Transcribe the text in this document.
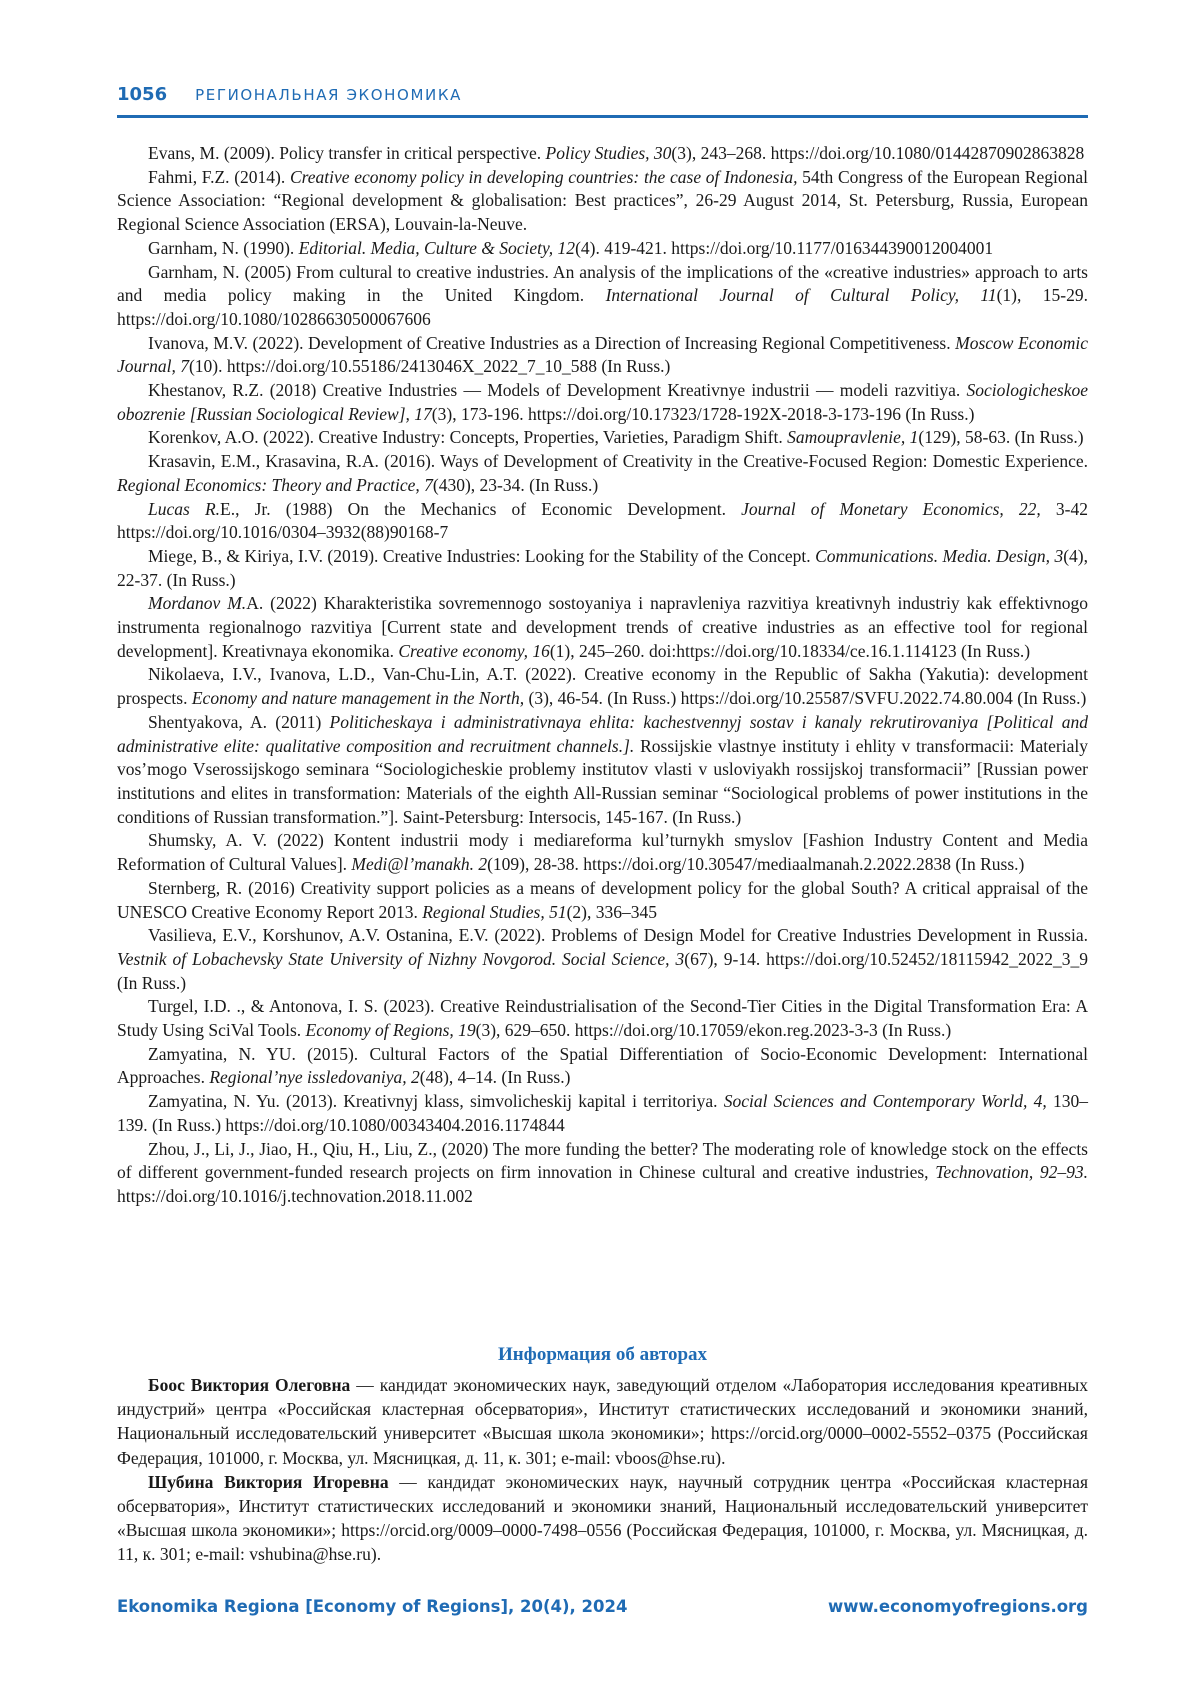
1056 РЕГИОНАЛЬНАЯ ЭКОНОМИКА

Evans, M. (2009). Policy transfer in critical perspective. Policy Studies, 30(3), 243–268. https://doi.org/10.1080/01442870902863828

Fahmi, F.Z. (2014). Creative economy policy in developing countries: the case of Indonesia, 54th Congress of the European Regional Science Association: “Regional development & globalisation: Best practices”, 26-29 August 2014, St. Petersburg, Russia, European Regional Science Association (ERSA), Louvain-la-Neuve.

Garnham, N. (1990). Editorial. Media, Culture & Society, 12(4). 419-421. https://doi.org/10.1177/016344390012004001

Garnham, N. (2005) From cultural to creative industries. An analysis of the implications of the «creative industries» approach to arts and media policy making in the United Kingdom. International Journal of Cultural Policy, 11(1), 15-29. https://doi.org/10.1080/10286630500067606

Ivanova, M.V. (2022). Development of Creative Industries as a Direction of Increasing Regional Competitiveness. Moscow Economic Journal, 7(10). https://doi.org/10.55186/2413046X_2022_7_10_588 (In Russ.)

Khestanov, R.Z. (2018) Creative Industries — Models of Development Kreativnye industrii — modeli razvitiya. Sociologicheskoe obozrenie [Russian Sociological Review], 17(3), 173-196. https://doi.org/10.17323/1728-192X-2018-3-173-196 (In Russ.)

Korenkov, A.O. (2022). Creative Industry: Concepts, Properties, Varieties, Paradigm Shift. Samoupravlenie, 1(129), 58-63. (In Russ.)

Krasavin, E.M., Krasavina, R.A. (2016). Ways of Development of Creativity in the Creative-Focused Region: Domestic Experience. Regional Economics: Theory and Practice, 7(430), 23-34. (In Russ.)

Lucas R.E., Jr. (1988) On the Mechanics of Economic Development. Journal of Monetary Economics, 22, 3-42 https://doi.org/10.1016/0304–3932(88)90168-7

Miege, B., & Kiriya, I.V. (2019). Creative Industries: Looking for the Stability of the Concept. Communications. Media. Design, 3(4), 22-37. (In Russ.)

Mordanov M.A. (2022) Kharakteristika sovremennogo sostoyaniya i napravleniya razvitiya kreativnyh industriy kak effektivnogo instrumenta regionalnogo razvitiya [Current state and development trends of creative industries as an effective tool for regional development]. Kreativnaya ekonomika. Creative economy, 16(1), 245–260. doi:https://doi.org/10.18334/ce.16.1.114123 (In Russ.)

Nikolaeva, I.V., Ivanova, L.D., Van-Chu-Lin, A.T. (2022). Creative economy in the Republic of Sakha (Yakutia): development prospects. Economy and nature management in the North, (3), 46-54. (In Russ.) https://doi.org/10.25587/SVFU.2022.74.80.004 (In Russ.)

Shentyakova, A. (2011) Politicheskaya i administrativnaya ehlita: kachestvennyj sostav i kanaly rekrutirovaniya [Political and administrative elite: qualitative composition and recruitment channels.]. Rossijskie vlastnye instituty i ehlity v transformacii: Materialy vos’mogo Vserossijskogo seminara “Sociologicheskie problemy institutov vlasti v usloviyakh rossijskoj transformacii” [Russian power institutions and elites in transformation: Materials of the eighth All-Russian seminar “Sociological problems of power institutions in the conditions of Russian transformation.”]. Saint-Petersburg: Intersocis, 145-167. (In Russ.)

Shumsky, A. V. (2022) Kontent industrii mody i mediareforma kul’turnykh smyslov [Fashion Industry Content and Media Reformation of Cultural Values]. Medi@l’manakh. 2(109), 28-38. https://doi.org/10.30547/mediaalmanah.2.2022.2838 (In Russ.)

Sternberg, R. (2016) Creativity support policies as a means of development policy for the global South? A critical appraisal of the UNESCO Creative Economy Report 2013. Regional Studies, 51(2), 336–345

Vasilieva, E.V., Korshunov, A.V. Ostanina, E.V. (2022). Problems of Design Model for Creative Industries Development in Russia. Vestnik of Lobachevsky State University of Nizhny Novgorod. Social Science, 3(67), 9-14. https://doi.org/10.52452/18115942_2022_3_9 (In Russ.)

Turgel, I.D. ., & Antonova, I. S. (2023). Creative Reindustrialisation of the Second-Tier Cities in the Digital Transformation Era: A Study Using SciVal Tools. Economy of Regions, 19(3), 629–650. https://doi.org/10.17059/ekon.reg.2023-3-3 (In Russ.)

Zamyatina, N. YU. (2015). Cultural Factors of the Spatial Differentiation of Socio-Economic Development: International Approaches. Regional’nye issledovaniya, 2(48), 4–14. (In Russ.)

Zamyatina, N. Yu. (2013). Kreativnyj klass, simvolicheskij kapital i territoriya. Social Sciences and Contemporary World, 4, 130–139. (In Russ.) https://doi.org/10.1080/00343404.2016.1174844

Zhou, J., Li, J., Jiao, H., Qiu, H., Liu, Z., (2020) The more funding the better? The moderating role of knowledge stock on the effects of different government-funded research projects on firm innovation in Chinese cultural and creative industries, Technovation, 92–93. https://doi.org/10.1016/j.technovation.2018.11.002

Информация об авторах

Боос Виктория Олеговна — кандидат экономических наук, заведующий отделом «Лаборатория исследования креативных индустрий» центра «Российская кластерная обсерватория», Институт статистических исследований и экономики знаний, Национальный исследовательский университет «Высшая школа экономики»; https://orcid.org/0000–0002-5552–0375 (Российская Федерация, 101000, г. Москва, ул. Мясницкая, д. 11, к. 301; e-mail: vboos@hse.ru).

Шубина Виктория Игоревна — кандидат экономических наук, научный сотрудник центра «Российская кластерная обсерватория», Институт статистических исследований и экономики знаний, Национальный исследовательский университет «Высшая школа экономики»; https://orcid.org/0009–0000-7498–0556 (Российская Федерация, 101000, г. Москва, ул. Мясницкая, д. 11, к. 301; e-mail: vshubina@hse.ru).

Ekonomika Regiona [Economy of Regions], 20(4), 2024	www.economyofregions.org
